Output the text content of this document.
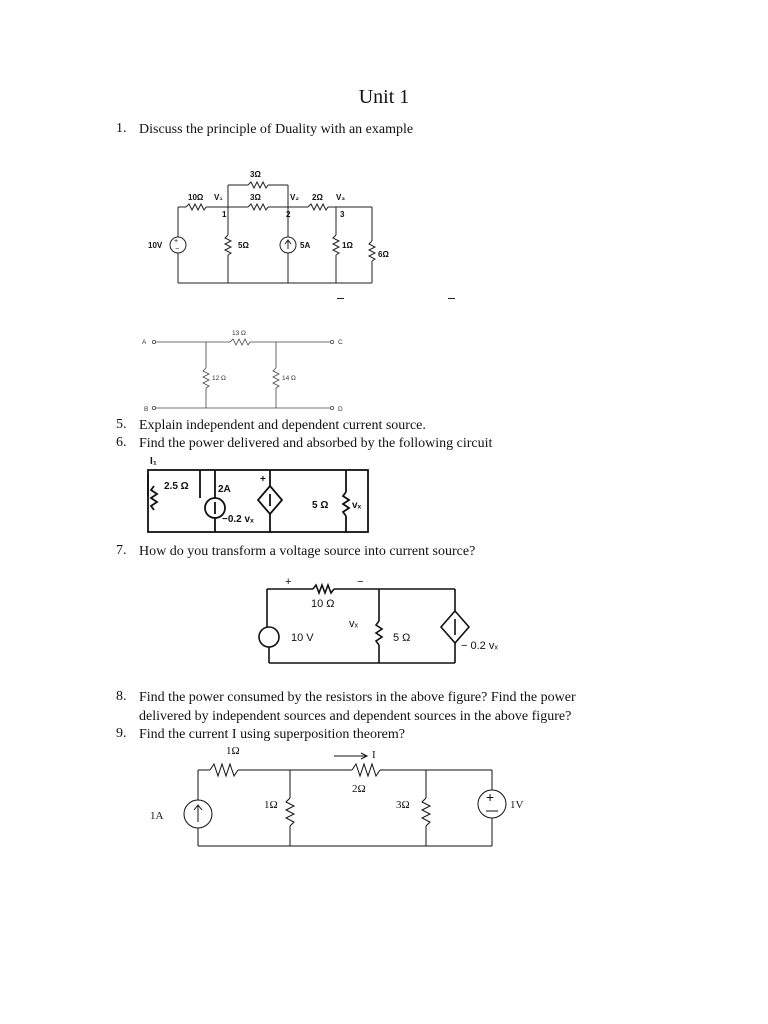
Unit 1
1. Discuss the principle of Duality with an example
3Ω
10Ω V₁	3Ω	V₂ 2Ω V₃
1	2	3
10V	5Ω	5A	1Ω
6Ω
+
−
A
B
C
D
13 Ω
12 Ω	14 Ω
5. Explain independent and dependent current source.
6. Find the power delivered and absorbed by the following circuit
I₁
2.5 Ω	2A
−0.2 vₓ
5 Ω vₓ
+
7. How do you transform a voltage source into current source?
10 Ω
10 V	5 Ω
vₓ
− 0.2 vₓ
+	−
8. Find the power consumed by the resistors in the above figure? Find the power
delivered by independent sources and dependent sources in the above figure?
9. Find the current I using superposition theorem?
+
1Ω	I
2Ω
1Ω	3Ω
1A
1V
